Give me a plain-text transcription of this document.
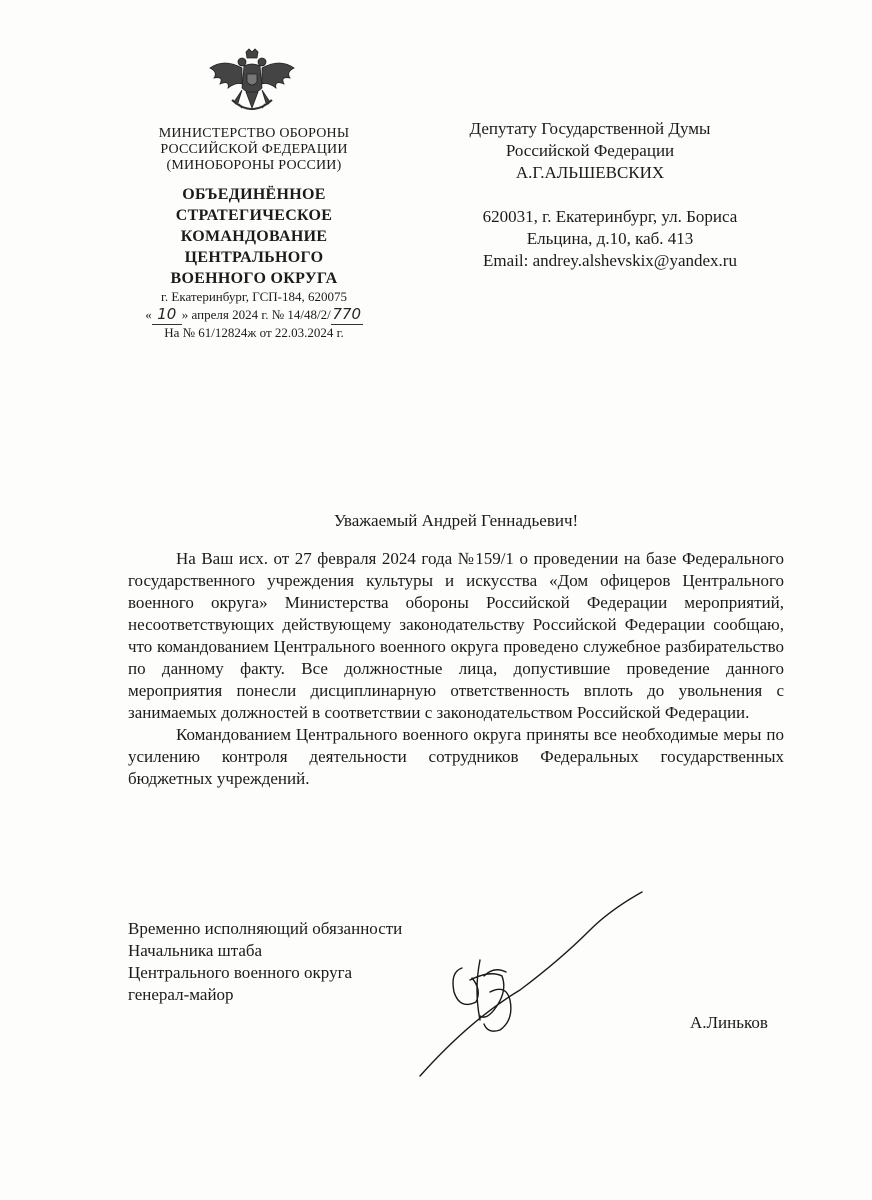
МИНИСТЕРСТВО ОБОРОНЫ
РОССИЙСКОЙ ФЕДЕРАЦИИ
(МИНОБОРОНЫ РОССИИ)
ОБЪЕДИНЁННОЕ
СТРАТЕГИЧЕСКОЕ
КОМАНДОВАНИЕ
ЦЕНТРАЛЬНОГО
ВОЕННОГО ОКРУГА
г. Екатеринбург, ГСП-184, 620075
« 10 » апреля 2024 г. № 14/48/2/ 770
На № 61/12824ж от 22.03.2024 г.
Депутату Государственной Думы
Российской Федерации
А.Г.АЛЬШЕВСКИХ
620031, г. Екатеринбург, ул. Бориса
Ельцина, д.10, каб. 413
Email: andrey.alshevskix@yandex.ru
Уважаемый Андрей Геннадьевич!

На Ваш исх. от 27 февраля 2024 года №159/1 о проведении на базе Федерального государственного учреждения культуры и искусства «Дом офицеров Центрального военного округа» Министерства обороны Российской Федерации мероприятий, несоответствующих действующему законодательству Российской Федерации сообщаю, что командованием Центрального военного округа проведено служебное разбирательство по данному факту. Все должностные лица, допустившие проведение данного мероприятия понесли дисциплинарную ответственность вплоть до увольнения с занимаемых должностей в соответствии с законодательством Российской Федерации.

Командованием Центрального военного округа приняты все необходимые меры по усилению контроля деятельности сотрудников Федеральных государственных бюджетных учреждений.

Временно исполняющий обязанности
Начальника штаба
Центрального военного округа
генерал-майор
А.Линьков
